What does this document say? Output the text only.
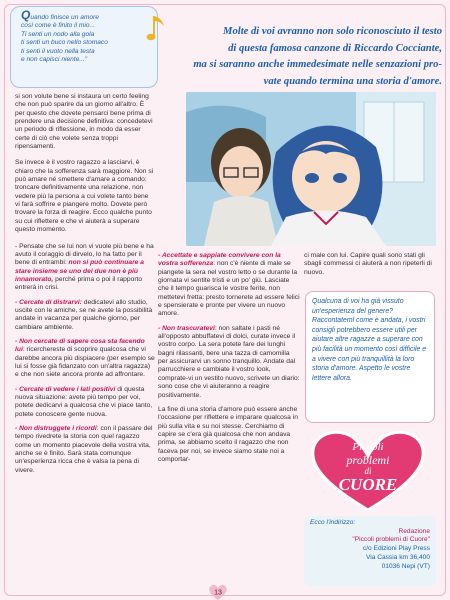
Quando finisce un amore

così come è finito il mio...

Ti senti un nodo alla gola

ti senti un buco nello stomaco

ti senti il vuoto nella testa

e non capisci niente..."

Molte di voi avranno non solo riconosciuto il testo
di questa famosa canzone di Riccardo Cocciante,
ma si saranno anche immedesimate nelle senzazioni pro-
vate quando termina una storia d'amore.

si son volute bene si instaura un certo feeling che non può sparire da un giorno all'altro. È per questo che dovete pensarci bene prima di prendere una decisione definitiva: concedetevi un periodo di riflessione, in modo da esser certe di ciò che volete senza troppi ripensamenti.

Se invece è il vostro ragazzo a lasciarvi, è chiaro che la sofferenza sarà maggiore. Non si può amare né smettere d'amare a comando: troncare definitivamente una relazione, non vedere più la persona a cui volete tanto bene vi farà soffrire e piangere molto. Dovete però trovare la forza di reagire. Ecco qualche punto su cui riflettere e che vi aiuterà a superare questo momento.

- Pensate che se lui non vi vuole più bene e ha avuto il coraggio di dirvelo, lo ha fatto per il bene di entrambi: non si può continuare a stare insieme se uno dei due non è più innamorato, perché prima o poi il rapporto entrerà in crisi.

- Cercate di distrarvi: dedicatevi allo studio, uscite con le amiche, se ne avete la possibilità andate in vacanza per qualche giorno, per cambiare ambiente.

- Non cercate di sapere cosa sta facendo lui: ricerchereste di scoprire qualcosa che vi darebbe ancora più dispiacere (per esempio se lui si fosse già fidanzato con un'altra ragazza) e che non siete ancora pronte ad affrontare.

- Cercate di vedere i lati positivi di questa nuova situazione: avete più tempo per voi, potete dedicarvi a qualcosa che vi piace tanto, potete conoscere gente nuova.

- Non distruggete i ricordi: con il passare del tempo rivedrete la storia con quel ragazzo come un momento piacevole della vostra vita, anche se è finito. Sarà stata comunque un'esperienza ricca che è valsa la pena di vivere.

- Accettate e sappiate convivere con la vostra sofferenza: non c'è niente di male se piangete la sera nel vostro letto o se durante la giornata vi sentite tristi e un po' giù. Lasciate che il tempo guarisca le vostre ferite, non mettetevi fretta: presto tornerete ad essere felici e spensierate e pronte per vivere un nuovo amore.

- Non trascuratevi: non saltate i pasti né all'opposto abbuffatevi di dolci, curate invece il vostro corpo. La sera potete fare dei lunghi bagni rilassanti, bere una tazza di camomilla per assicurarvi un sonno tranquillo. Andate dal parrucchiere e cambiate il vostro look, comprate-vi un vestito nuovo, scrivete un diario: sono cose che vi aiuteranno a reagire positivamente.

La fine di una storia d'amore può essere anche l'occasione per riflettere e imparare qualcosa in più sulla vita e su noi stesse. Cerchiamo di capire se c'era già qualcosa che non andava prima, se abbiamo scelto il ragazzo che non faceva per noi, se invece siamo state noi a comportar-

ci male con lui. Capire quali sono stati gli sbagli commessi ci aiuterà a non ripeterli di nuovo.

Qualcuna di voi ha già vissuto un'esperienza del genere? Raccontateml come è andata, i vostri consigli potrebbero essere utili per aiutare altre ragazze a superare con più facilità un momento così difficile e a vivere con più tranquillità la loro storia d'amore. Aspetto le vostre lettere allora.
Piccoli
problemi
di
CUORE
Ecco l'indirizzo:
Redazione
"Piccoli problemi di Cuore"
c/o Edizioni Play Press
Via Cassia km 36,400
01036 Nepi (VT)
13
